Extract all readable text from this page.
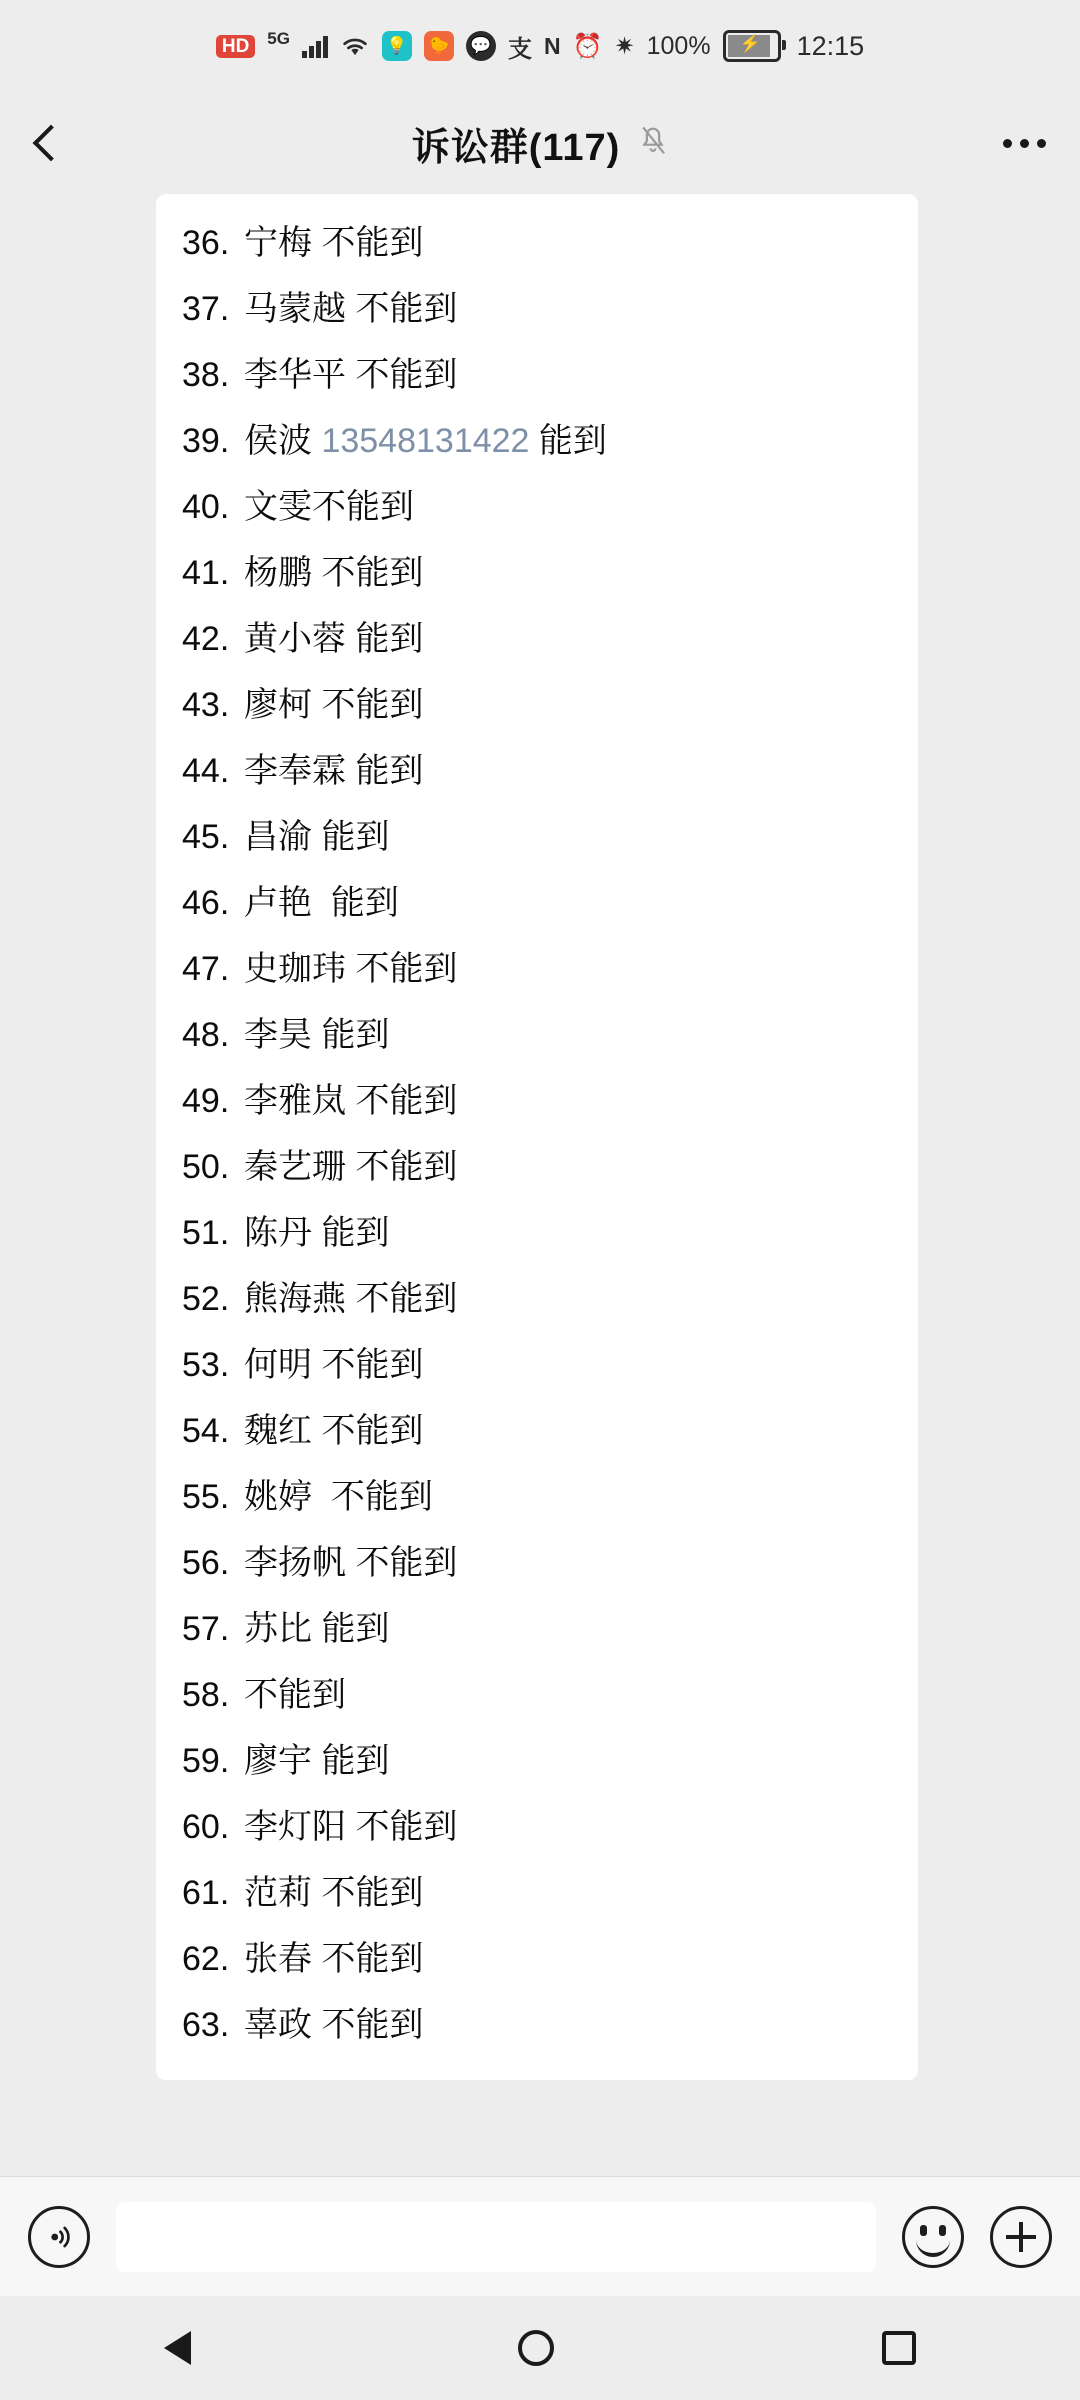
HD	5G	💡 🐤 💬 支 N ⏰ ✷ 100% ⚡ 12:15
诉讼群(117)
36. 宁梅 不能到
37. 马蒙越 不能到
38. 李华平 不能到
39. 侯波 13548131422 能到
40. 文雯不能到
41. 杨鹏 不能到
42. 黄小蓉 能到
43. 廖柯 不能到
44. 李奉霖 能到
45. 昌渝 能到
46. 卢艳  能到
47. 史珈玮 不能到
48. 李昊 能到
49. 李雅岚 不能到
50. 秦艺珊 不能到
51. 陈丹 能到
52. 熊海燕 不能到
53. 何明 不能到
54. 魏红 不能到
55. 姚婷  不能到
56. 李扬帆 不能到
57. 苏比 能到
58. 不能到
59. 廖宇 能到
60. 李灯阳 不能到
61. 范莉 不能到
62. 张春 不能到
63. 辜政 不能到
